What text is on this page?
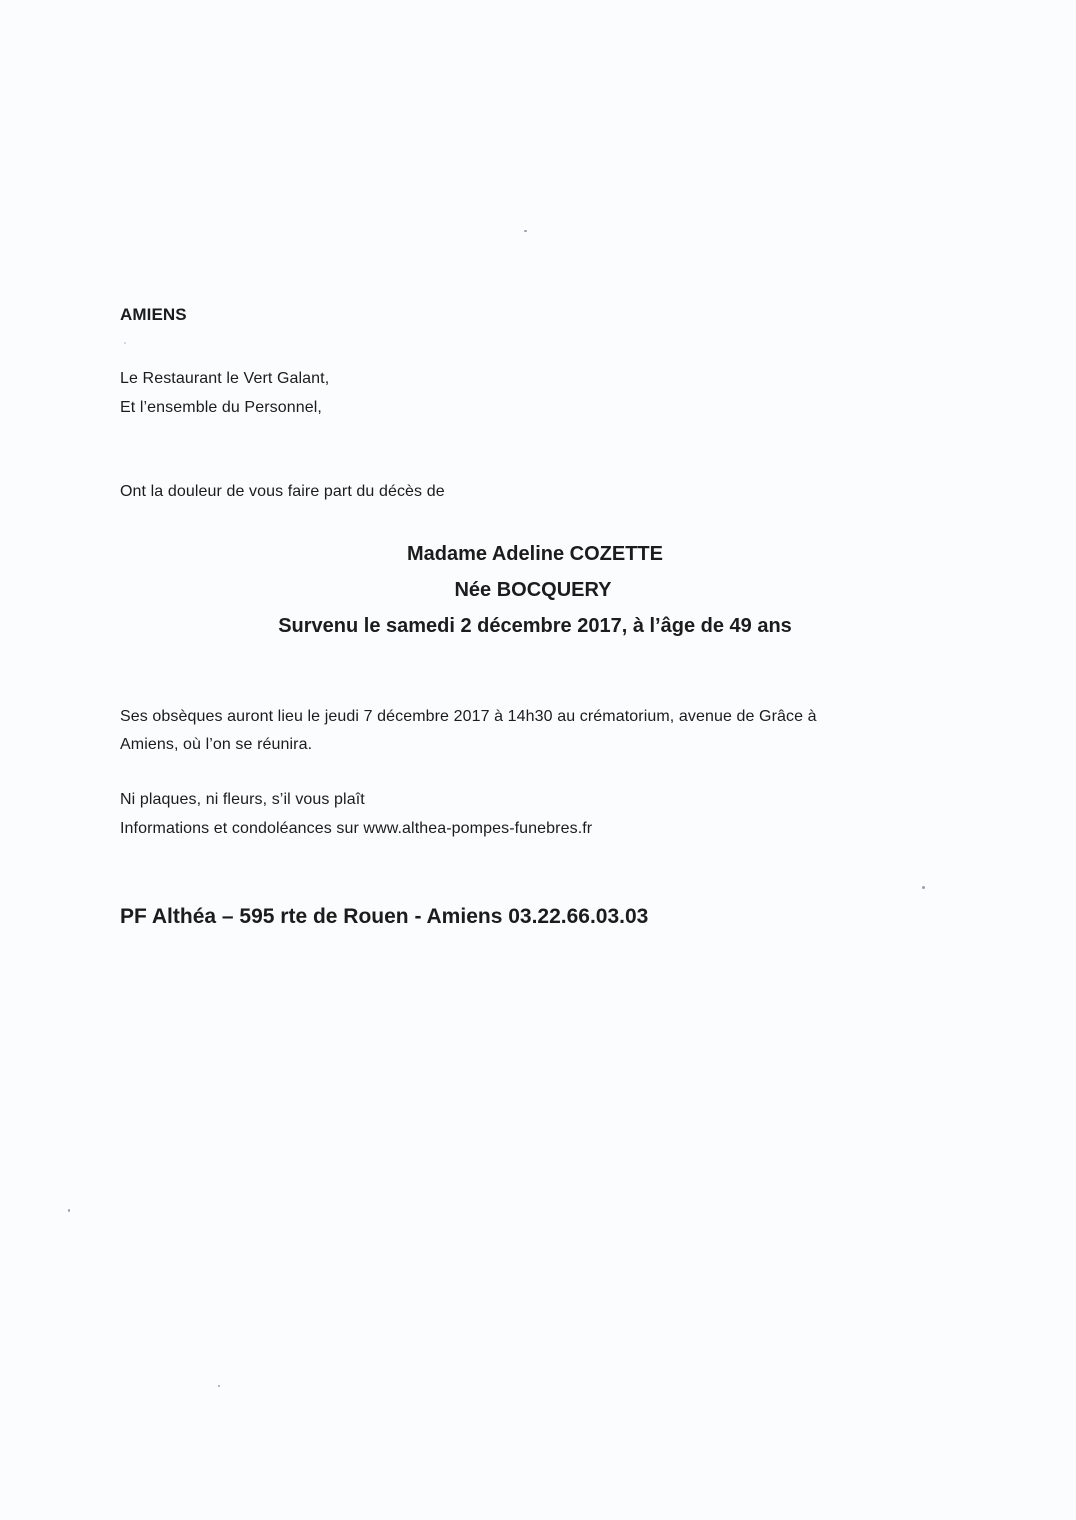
AMIENS
Le Restaurant le Vert Galant,
Et l’ensemble du Personnel,
Ont la douleur de vous faire part du décès de
Madame Adeline COZETTE
Née BOCQUERY
Survenu le samedi 2 décembre 2017, à l’âge de 49 ans
Ses obsèques auront lieu le jeudi 7 décembre 2017 à 14h30 au crématorium, avenue de Grâce à
Amiens, où l’on se réunira.
Ni plaques, ni fleurs, s’il vous plaît
Informations et condoléances sur www.althea-pompes-funebres.fr
PF Althéa – 595 rte de Rouen - Amiens 03.22.66.03.03
